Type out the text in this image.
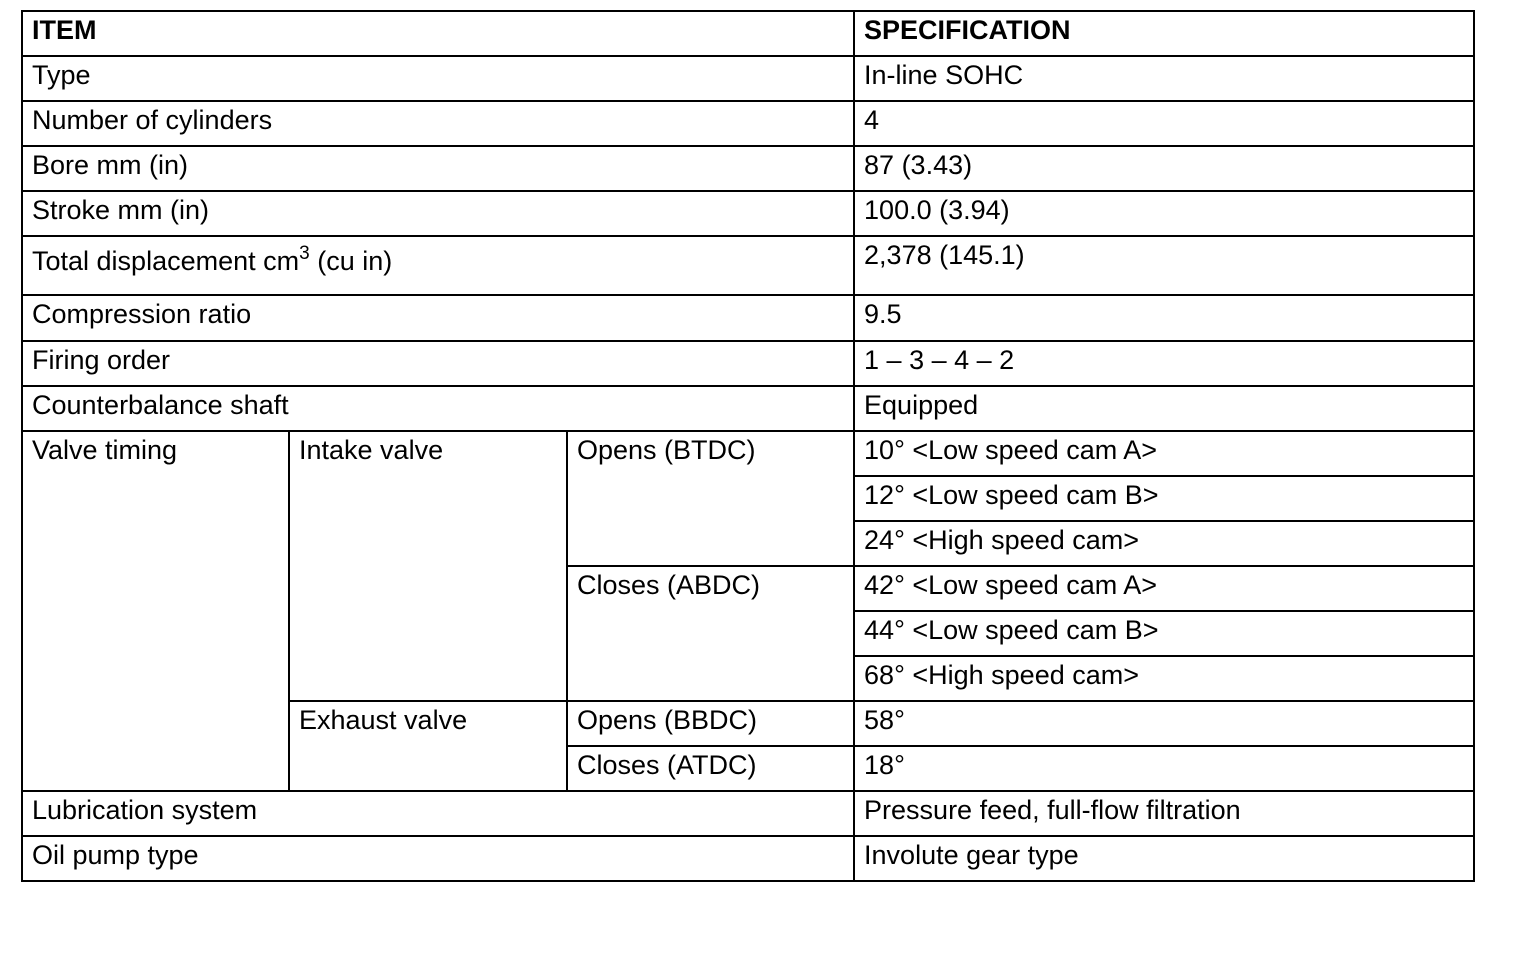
ITEM			SPECIFICATION
Type			In-line SOHC
Number of cylinders			4
Bore mm (in)			87 (3.43)
Stroke mm (in)			100.0 (3.94)
Total displacement $cm^3$ (cu in)			2,378 (145.1)
Compression ratio			9.5
Firing order			1 – 3 – 4 – 2
Counterbalance shaft			Equipped
Valve timing	Intake valve	Opens (BTDC)	10° <Low speed cam A>
			12° <Low speed cam B>
			24° <High speed cam>
		Closes (ABDC)	42° <Low speed cam A>
			44° <Low speed cam B>
			68° <High speed cam>
	Exhaust valve	Opens (BBDC)	58°
		Closes (ATDC)	18°
Lubrication system			Pressure feed, full-flow filtration
Oil pump type			Involute gear type
